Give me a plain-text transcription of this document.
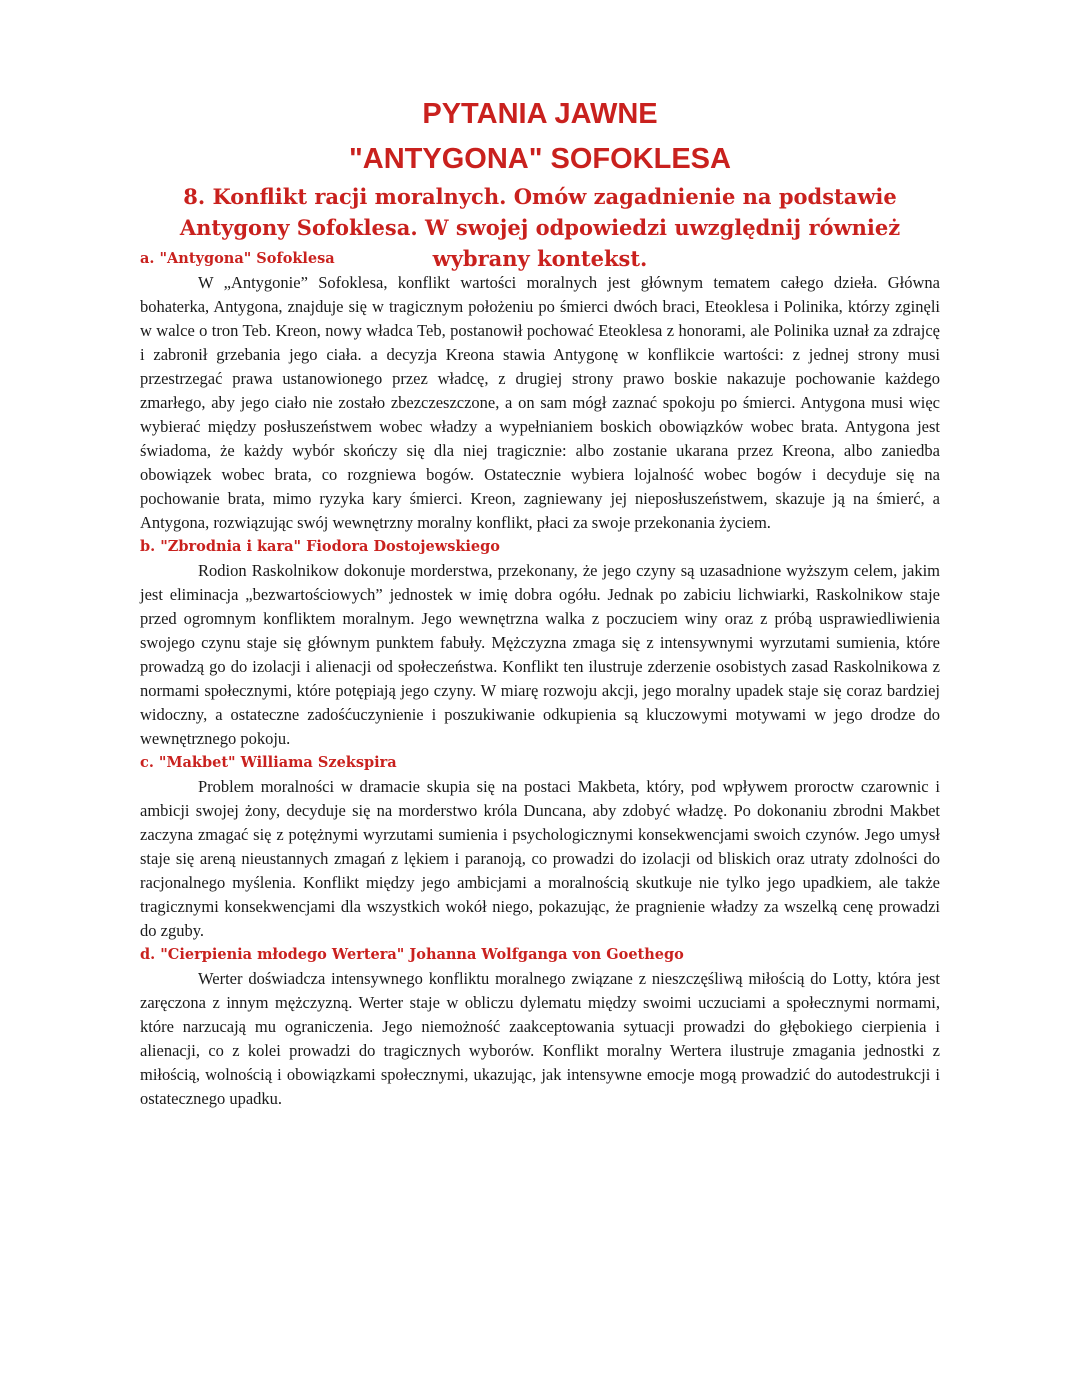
PYTANIA JAWNE
"ANTYGONA" SOFOKLESA
8. Konflikt racji moralnych. Omów zagadnienie na podstawie Antygony Sofoklesa. W swojej odpowiedzi uwzględnij również wybrany kontekst.
a. "Antygona" Sofoklesa

W „Antygonie” Sofoklesa, konflikt wartości moralnych jest głównym tematem całego dzieła. Główna bohaterka, Antygona, znajduje się w tragicznym położeniu po śmierci dwóch braci, Eteoklesa i Polinika, którzy zginęli w walce o tron Teb. Kreon, nowy władca Teb, postanowił pochować Eteoklesa z honorami, ale Polinika uznał za zdrajcę i zabronił grzebania jego ciała. a decyzja Kreona stawia Antygonę w konflikcie wartości: z jednej strony musi przestrzegać prawa ustanowionego przez władcę, z drugiej strony prawo boskie nakazuje pochowanie każdego zmarłego, aby jego ciało nie zostało zbezczeszczone, a on sam mógł zaznać spokoju po śmierci. Antygona musi więc wybierać między posłuszeństwem wobec władzy a wypełnianiem boskich obowiązków wobec brata. Antygona jest świadoma, że każdy wybór skończy się dla niej tragicznie: albo zostanie ukarana przez Kreona, albo zaniedba obowiązek wobec brata, co rozgniewa bogów. Ostatecznie wybiera lojalność wobec bogów i decyduje się na pochowanie brata, mimo ryzyka kary śmierci. Kreon, zagniewany jej nieposłuszeństwem, skazuje ją na śmierć, a Antygona, rozwiązując swój wewnętrzny moralny konflikt, płaci za swoje przekonania życiem.

b. "Zbrodnia i kara" Fiodora Dostojewskiego

Rodion Raskolnikow dokonuje morderstwa, przekonany, że jego czyny są uzasadnione wyższym celem, jakim jest eliminacja „bezwartościowych” jednostek w imię dobra ogółu. Jednak po zabiciu lichwiarki, Raskolnikow staje przed ogromnym konfliktem moralnym. Jego wewnętrzna walka z poczuciem winy oraz z próbą usprawiedliwienia swojego czynu staje się głównym punktem fabuły. Mężczyzna zmaga się z intensywnymi wyrzutami sumienia, które prowadzą go do izolacji i alienacji od społeczeństwa. Konflikt ten ilustruje zderzenie osobistych zasad Raskolnikowa z normami społecznymi, które potępiają jego czyny. W miarę rozwoju akcji, jego moralny upadek staje się coraz bardziej widoczny, a ostateczne zadośćuczynienie i poszukiwanie odkupienia są kluczowymi motywami w jego drodze do wewnętrznego pokoju.

c. "Makbet" Williama Szekspira

Problem moralności w dramacie skupia się na postaci Makbeta, który, pod wpływem proroctw czarownic i ambicji swojej żony, decyduje się na morderstwo króla Duncana, aby zdobyć władzę. Po dokonaniu zbrodni Makbet zaczyna zmagać się z potężnymi wyrzutami sumienia i psychologicznymi konsekwencjami swoich czynów. Jego umysł staje się areną nieustannych zmagań z lękiem i paranoją, co prowadzi do izolacji od bliskich oraz utraty zdolności do racjonalnego myślenia. Konflikt między jego ambicjami a moralnością skutkuje nie tylko jego upadkiem, ale także tragicznymi konsekwencjami dla wszystkich wokół niego, pokazując, że pragnienie władzy za wszelką cenę prowadzi do zguby.

d. "Cierpienia młodego Wertera" Johanna Wolfganga von Goethego

Werter doświadcza intensywnego konfliktu moralnego związane z nieszczęśliwą miłością do Lotty, która jest zaręczona z innym mężczyzną. Werter staje w obliczu dylematu między swoimi uczuciami a społecznymi normami, które narzucają mu ograniczenia. Jego niemożność zaakceptowania sytuacji prowadzi do głębokiego cierpienia i alienacji, co z kolei prowadzi do tragicznych wyborów. Konflikt moralny Wertera ilustruje zmagania jednostki z miłością, wolnością i obowiązkami społecznymi, ukazując, jak intensywne emocje mogą prowadzić do autodestrukcji i ostatecznego upadku.
